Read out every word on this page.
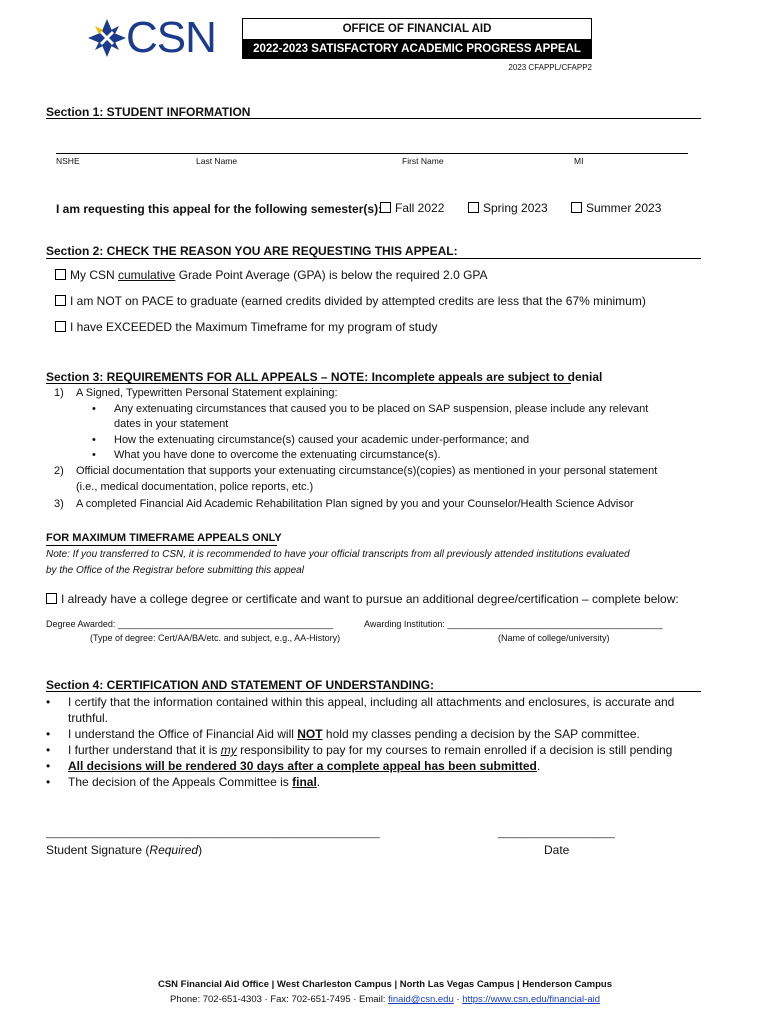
CSN	OFFICE OF FINANCIAL AID
2022-2023 SATISFACTORY ACADEMIC PROGRESS APPEAL
2023 CFAPPL/CFAPP2
Section 1: STUDENT INFORMATION
NSHE	Last Name	First Name	MI
I am requesting this appeal for the following semester(s):	Fall 2022	Spring 2023	Summer 2023
Section 2: CHECK THE REASON YOU ARE REQUESTING THIS APPEAL:
My CSN cumulative Grade Point Average (GPA) is below the required 2.0 GPA
I am NOT on PACE to graduate (earned credits divided by attempted credits are less that the 67% minimum)
I have EXCEEDED the Maximum Timeframe for my program of study
Section 3: REQUIREMENTS FOR ALL APPEALS – NOTE: Incomplete appeals are subject to denial
1) A Signed, Typewritten Personal Statement explaining:
• Any extenuating circumstances that caused you to be placed on SAP suspension, please include any relevant
dates in your statement
• How the extenuating circumstance(s) caused your academic under-performance; and
• What you have done to overcome the extenuating circumstance(s).
2) Official documentation that supports your extenuating circumstance(s)(copies) as mentioned in your personal statement
(i.e., medical documentation, police reports, etc.)
3) A completed Financial Aid Academic Rehabilitation Plan signed by you and your Counselor/Health Science Advisor
FOR MAXIMUM TIMEFRAME APPEALS ONLY
Note: If you transferred to CSN, it is recommended to have your official transcripts from all previously attended institutions evaluated
by the Office of the Registrar before submitting this appeal
I already have a college degree or certificate and want to pursue an additional degree/certification – complete below:
Degree Awarded: ___________________________________________	Awarding Institution: ___________________________________________
(Type of degree: Cert/AA/BA/etc. and subject, e.g., AA-History)	(Name of college/university)
Section 4: CERTIFICATION AND STATEMENT OF UNDERSTANDING:
• I certify that the information contained within this appeal, including all attachments and enclosures, is accurate and
truthful.
• I understand the Office of Financial Aid will NOT hold my classes pending a decision by the SAP committee.
• I further understand that it is my responsibility to pay for my courses to remain enrolled if a decision is still pending
• All decisions will be rendered 30 days after a complete appeal has been submitted.
• The decision of the Appeals Committee is final.
____________________________________________________________
Student Signature (Required)
_____________________
Date
CSN Financial Aid Office | West Charleston Campus | North Las Vegas Campus | Henderson Campus
Phone: 702-651-4303 · Fax: 702-651-7495 · Email: finaid@csn.edu · https://www.csn.edu/financial-aid
